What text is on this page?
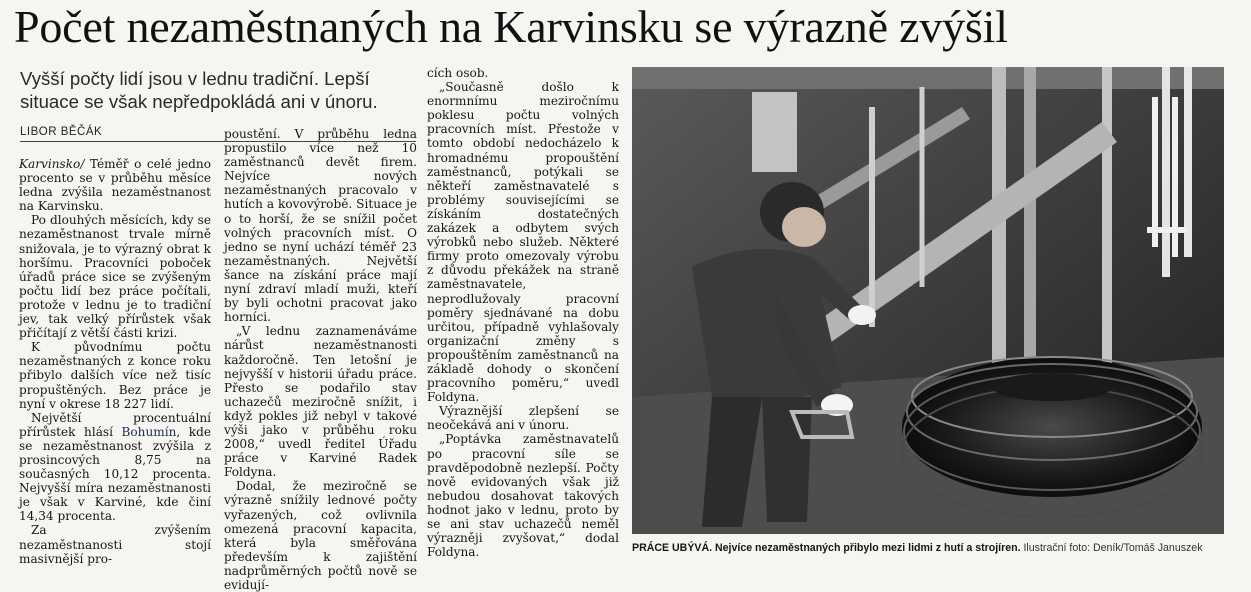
Počet nezaměstnaných na Karvinsku se výrazně zvýšil
Vyšší počty lidí jsou v lednu tradiční. Lepší situace se však nepředpokládá ani v únoru.
LIBOR BĚČÁK

Karvinsko/ Téměř o celé jedno procento se v průběhu měsíce ledna zvýšila nezaměstnanost na Karvinsku.

Po dlouhých měsících, kdy se nezaměstnanost trvale mírně snižovala, je to výrazný obrat k horšímu. Pracovníci poboček úřadů práce sice se zvýšeným počtu lidí bez práce počítali, protože v lednu je to tradiční jev, tak velký přírůstek však přičítají z větší části krizi.

K původnímu počtu nezaměstnaných z konce roku přibylo dalších více než tisíc propuštěných. Bez práce je nyní v okrese 18 227 lidí.

Největší procentuální přírůstek hlásí Bohumín, kde se nezaměstnanost zvýšila z prosincových 8,75 na současných 10,12 procenta. Nejvyšší míra nezaměstnanosti je však v Karviné, kde činí 14,34 procenta.

Za zvýšením nezaměstnanosti stojí masivnější pro-

poustění. V průběhu ledna propustilo více než 10 zaměstnanců devět firem. Nejvíce nových nezaměstnaných pracovalo v hutích a kovovýrobě. Situace je o to horší, že se snížil počet volných pracovních míst. O jedno se nyní uchází téměř 23 nezaměstnaných. Největší šance na získání práce mají nyní zdraví mladí muži, kteří by byli ochotni pracovat jako horníci.

„V lednu zaznamenáváme nárůst nezaměstnanosti každoročně. Ten letošní je nejvyšší v historii úřadu práce. Přesto se podařilo stav uchazečů meziročně snížit, i když pokles již nebyl v takové výši jako v průběhu roku 2008,“ uvedl ředitel Úřadu práce v Karviné Radek Foldyna.

Dodal, že meziročně se výrazně snížily lednové počty vyřazených, což ovlivnila omezená pracovní kapacita, která byla směřována především k zajištění nadprůměrných počtů nově se evidují-

cích osob.

„Současně došlo k enormnímu meziročnímu poklesu počtu volných pracovních míst. Přestože v tomto období nedocházelo k hromadnému propouštění zaměstnanců, potýkali se někteří zaměstnavatelé s problémy souvisejícími se získáním dostatečných zakázek a odbytem svých výrobků nebo služeb. Některé firmy proto omezovaly výrobu z důvodu překážek na straně zaměstnavatele, neprodlužovaly pracovní poměry sjednávané na dobu určitou, případně vyhlašovaly organizační změny s propouštěním zaměstnanců na základě dohody o skončení pracovního poměru,“ uvedl Foldyna.

Výraznější zlepšení se neočekává ani v únoru.

„Poptávka zaměstnavatelů po pracovní síle se pravděpodobně nezlepší. Počty nově evidovaných však již nebudou dosahovat takových hodnot jako v lednu, proto by se ani stav uchazečů neměl výrazněji zvyšovat,“ dodal Foldyna.	PRÁCE UBÝVÁ. Nejvíce nezaměstnaných přibylo mezi lidmi z hutí a strojíren. Ilustrační foto: Deník/Tomáš Januszek
